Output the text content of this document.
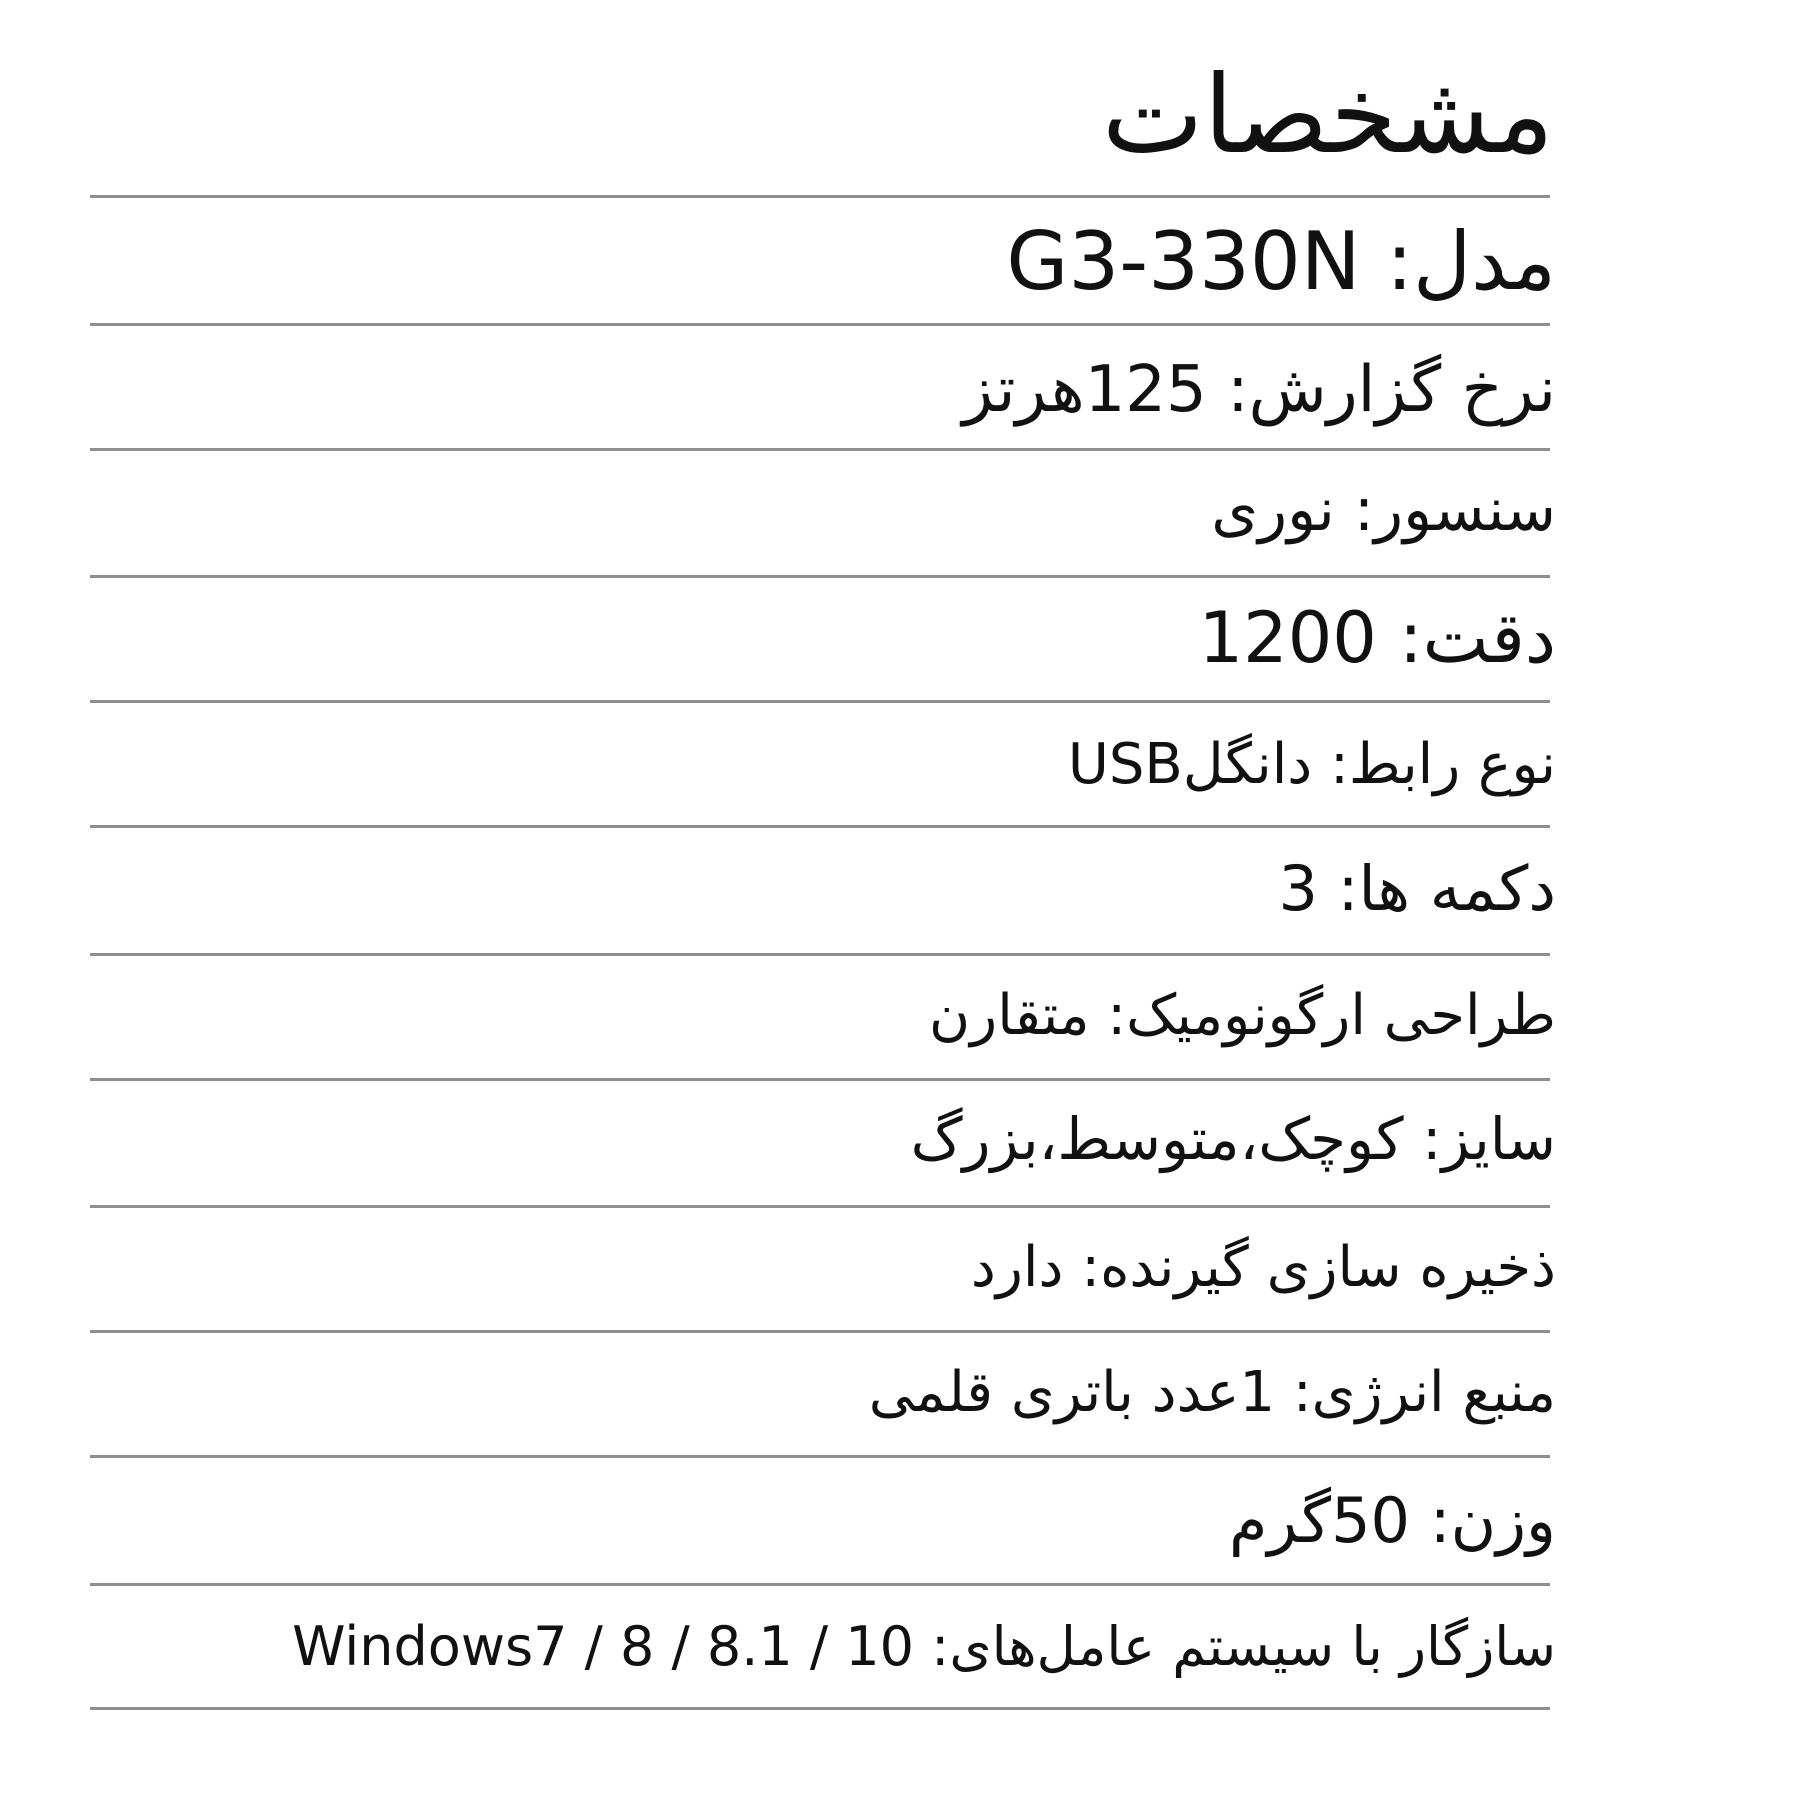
مشخصات
مدل: G3-330N
نرخ گزارش: 125هرتز
سنسور: نوری
دقت: 1200
نوع رابط: دانگلUSB
دکمه ها: 3
طراحی ارگونومیک: متقارن
سایز: کوچک،متوسط،بزرگ
ذخیره سازی گیرنده: دارد
منبع انرژی: 1عدد باتری قلمی
وزن: 50گرم
سازگار با سیستم عامل‌های: Windows7 / 8 / 8.1 / 10
